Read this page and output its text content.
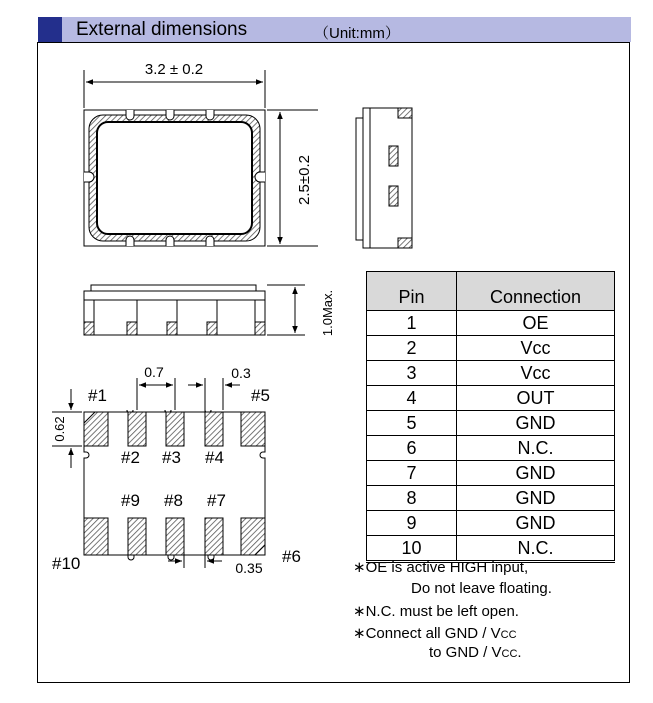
External dimensions	（Unit:mm）
3.2 ± 0.2
2.5±0.2
1.0Max.
0.7	0.3
0.62
0.35
#1	#5
#2 #3 #4
#9 #8 #7
#10	#6
Pin	Connection
1	OE
2	Vcc
3	Vcc
4	OUT
5	GND
6	N.C.
7	GND
8	GND
9	GND
10	N.C.
∗OE is active HIGH input,
Do not leave floating.
∗N.C. must be left open.
∗Connect all GND / VCC
to GND / VCC.
